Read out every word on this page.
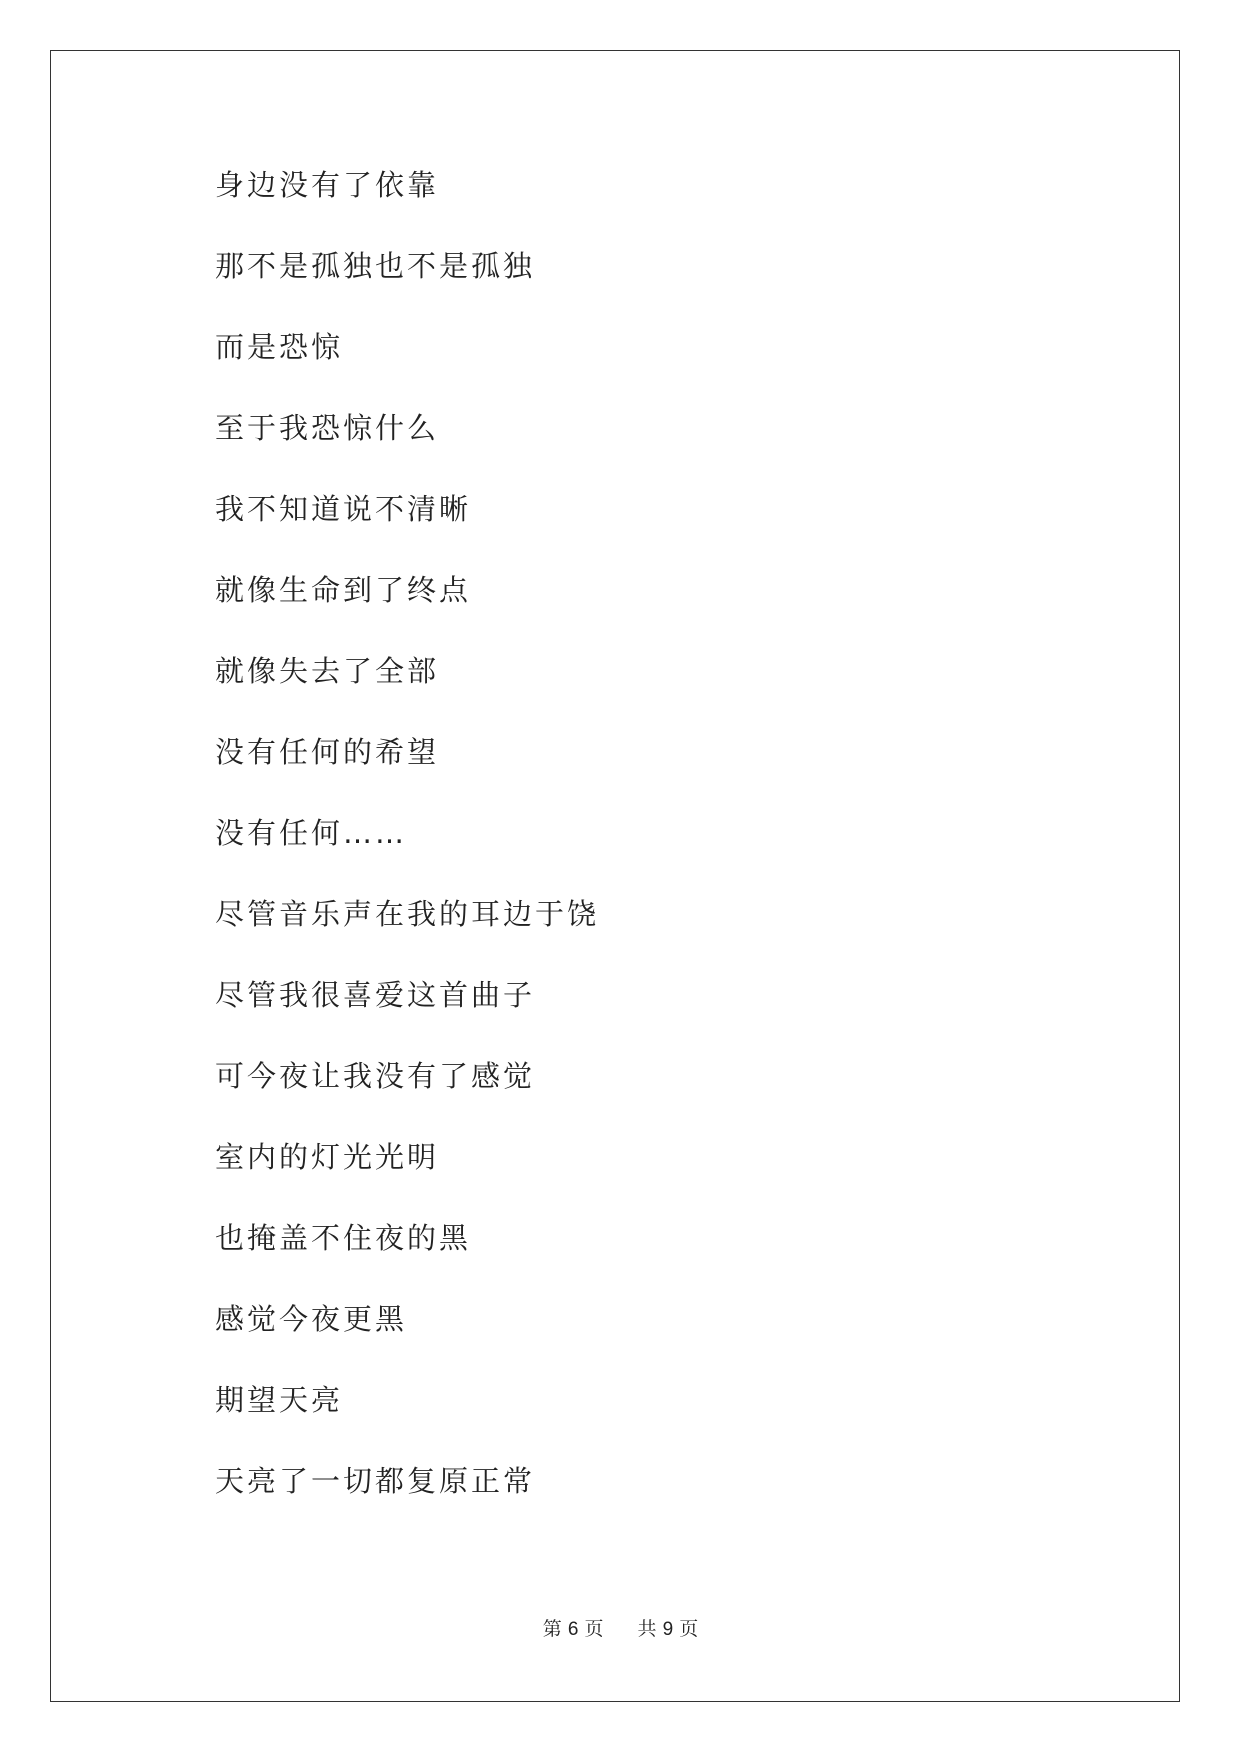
身边没有了依靠
那不是孤独也不是孤独
而是恐惊
至于我恐惊什么
我不知道说不清晰
就像生命到了终点
就像失去了全部
没有任何的希望
没有任何……
尽管音乐声在我的耳边于饶
尽管我很喜爱这首曲子
可今夜让我没有了感觉
室内的灯光光明
也掩盖不住夜的黑
感觉今夜更黑
期望天亮
天亮了一切都复原正常
第 6 页 共 9 页
